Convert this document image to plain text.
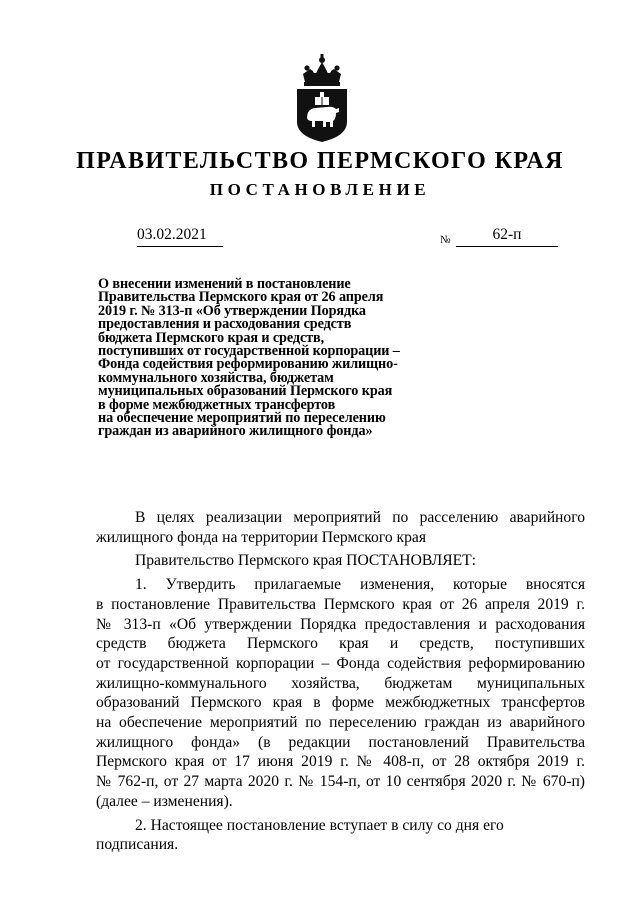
ПРАВИТЕЛЬСТВО ПЕРМСКОГО КРАЯ
ПОСТАНОВЛЕНИЕ
03.02.2021	№	62-п
О внесении изменений в постановление
Правительства Пермского края от 26 апреля
2019 г. № 313-п «Об утверждении Порядка
предоставления и расходования средств
бюджета Пермского края и средств,
поступивших от государственной корпорации –
Фонда содействия реформированию жилищно-
коммунального хозяйства, бюджетам
муниципальных образований Пермского края
в форме межбюджетных трансфертов
на обеспечение мероприятий по переселению
граждан из аварийного жилищного фонда»
В целях реализации мероприятий по расселению аварийного
жилищного фонда на территории Пермского края
Правительство Пермского края ПОСТАНОВЛЯЕТ:
1. Утвердить прилагаемые изменения, которые вносятся
в постановление Правительства Пермского края от 26 апреля 2019 г.
№ 313-п «Об утверждении Порядка предоставления и расходования
средств бюджета Пермского края и средств, поступивших
от государственной корпорации – Фонда содействия реформированию
жилищно-коммунального хозяйства, бюджетам муниципальных
образований Пермского края в форме межбюджетных трансфертов
на обеспечение мероприятий по переселению граждан из аварийного
жилищного фонда» (в редакции постановлений Правительства
Пермского края от 17 июня 2019 г. № 408-п, от 28 октября 2019 г.
№ 762-п, от 27 марта 2020 г. № 154-п, от 10 сентября 2020 г. № 670-п)
(далее – изменения).
2. Настоящее постановление вступает в силу со дня его подписания.
